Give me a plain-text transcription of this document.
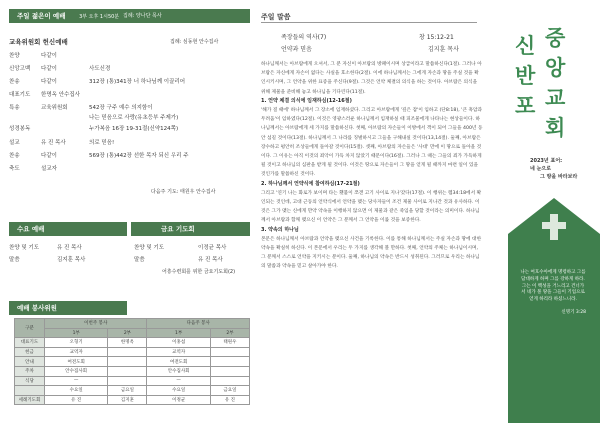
주일 젊은이 예배	3부 오후 1시50분 집례: 양나단 목사
교육위원회 헌신예배	집례: 심동현 안수집사
찬양	다같이
신앙고백 다같이	사도신경
찬송	다같이	312장 (통)341장 너 하나님께 이끌리어
대표기도 한명옥 안수집사
특송	교육위원회	542장 구주 예수 의지함이
나는 믿음으로 사랑(유초등부 주제가)
성경봉독	누가복음 16장 19-31절(신약124쪽)
설교	유 진 목사	의로 믿음!
찬송	다같이	569장 (통)442장 선한 목자 되신 우리 주
축도	설교자
다음주 기도: 태원우 안수집사
수요 예배	금요 기도회
찬양 및 기도	유 진 목사
말씀	김지훈 목사
찬양 및 기도	이정균 목사
말씀	유 진 목사
어흥수련회를 위한 금요기도회(2)
예배 봉사위원
구분	이번주 봉사		다음주 봉사	
	1부	2부	1부	2부
대표기도	오형기	한명옥	이홍섭	태원우
헌금	교역자		교역자	
안내	여전도회		여전도회	
주차	안수집사회		안수집사회	
식당	—		—	
	수요일	금요일	수요일	금요일
세례기도회	유 진	김지훈	이정균	유 진
주일 말씀
족장들의 역사(7)	창 15:12-21
언약과 믿음	김지훈 목사

하나님께서는 아브람에게 오셔서, 그 분 자신이 아브람의 방패이시며 상급이라고 말씀하신다(1절). 그러나 아브람은 자신에게 자손이 없다는 사실을 호소한다(2절). 이에 하나님께서는 그에게 자손과 땅을 주실 것을 확인시키시며, 그 언약을 위한 표증을 주신다(9절). 그것은 언약 체결의 의식을 하는 것이다. 아브람은 의식을 위해 제물을 준비해 놓고 하나님을 기다린다(11절).

1. 언약 체결 의식에 임재하심(12-16절)

'해가 질 때에' 하나님께서 그 장소에 임재하셨다. 그리고 아브람에게 '깊은 잠'이 임하고 (단8:18), '큰 흑암과 두려움'이 임하였다(12절). 이것은 영광스러운 하나님께서 임재하실 때 피조물에게 나타나는 현상들이다. 하나님께서는 아브람에게 세 가지를 말씀하신다. 첫째, 아브람의 자손들이 이방에서 객이 되어 그들을 400년 동안 섬길 것이다(13절). 하나님께서 그 나라를 징벌하시고 그들을 구해내실 것이다(13,14절). 둘째, 아브람은 장수하고 평안히 조상들에게 돌아갈 것이다(15절). 셋째, 아브람의 자손들은 '사대' 만에 이 땅으로 돌아올 것이다. 그 이유는 아직 이것의 죄악이 가득 차지 않았기 때문이다(16절). 그러나 그 때는 그들의 죄가 가득하게 될 것이고 하나님의 심판을 받게 될 것이다. 이것은 땅으로 자손들이 그 땅을 얻게 될 때까지 마련 일이 있을 것인가를 말씀하신 것이다.

2. 하나님께서 언약식에 참여하심(17-21절)

그리고 '연기 나는 화로가 보이며 타는 횃불이 쪼갠 고기 사이로 지나'갔다(17절). 이 행위는 렘34:18에서 확인되는 것인데, 고대 근동의 언약식에서 언약을 맺는 당사자들이 조건 제물 사이로 지나간 것과 유사하다. 이것은 그가 맺는 신에게 만약 약속을 이행하지 않으면 이 제물과 같은 죽임을 당할 것이라는 의미이다. 하나님께서 아브람과 함께 맺으신 이 언약은 그 분께서 그 언약을 이룰 것을 보증한다.

3. 약속의 하나님

본문은 하나님께서 아브람과 언약을 맺으신 사건을 기록한다. 이를 통해 하나님께서는 주실 자손과 땅에 대한 약속을 확실히 하신다. 이 본문에서 우리는 두 가지를 생각해 볼 만하다. 첫째, 언약의 주체는 하나님이시며, 그 분께서 스스로 언약을 지키시는 분이다. 둘째, 하나님의 약속은 반드시 성취된다. 그러므로 우리는 하나님의 말씀과 약속을 믿고 살아가야 한다.

신
반
포
중
앙
교
회
2023년 표어:
네 눈으로
그 땅을 바라보라
나는 여호수아에게 명령하고 그를 담대하게 하며 그를 강하게 하라. 그는 이 백성을 거느리고 건너가서 네가 볼 땅을 그들이 기업으로 얻게 하리라 하셨느니라.
신명기 3:28
